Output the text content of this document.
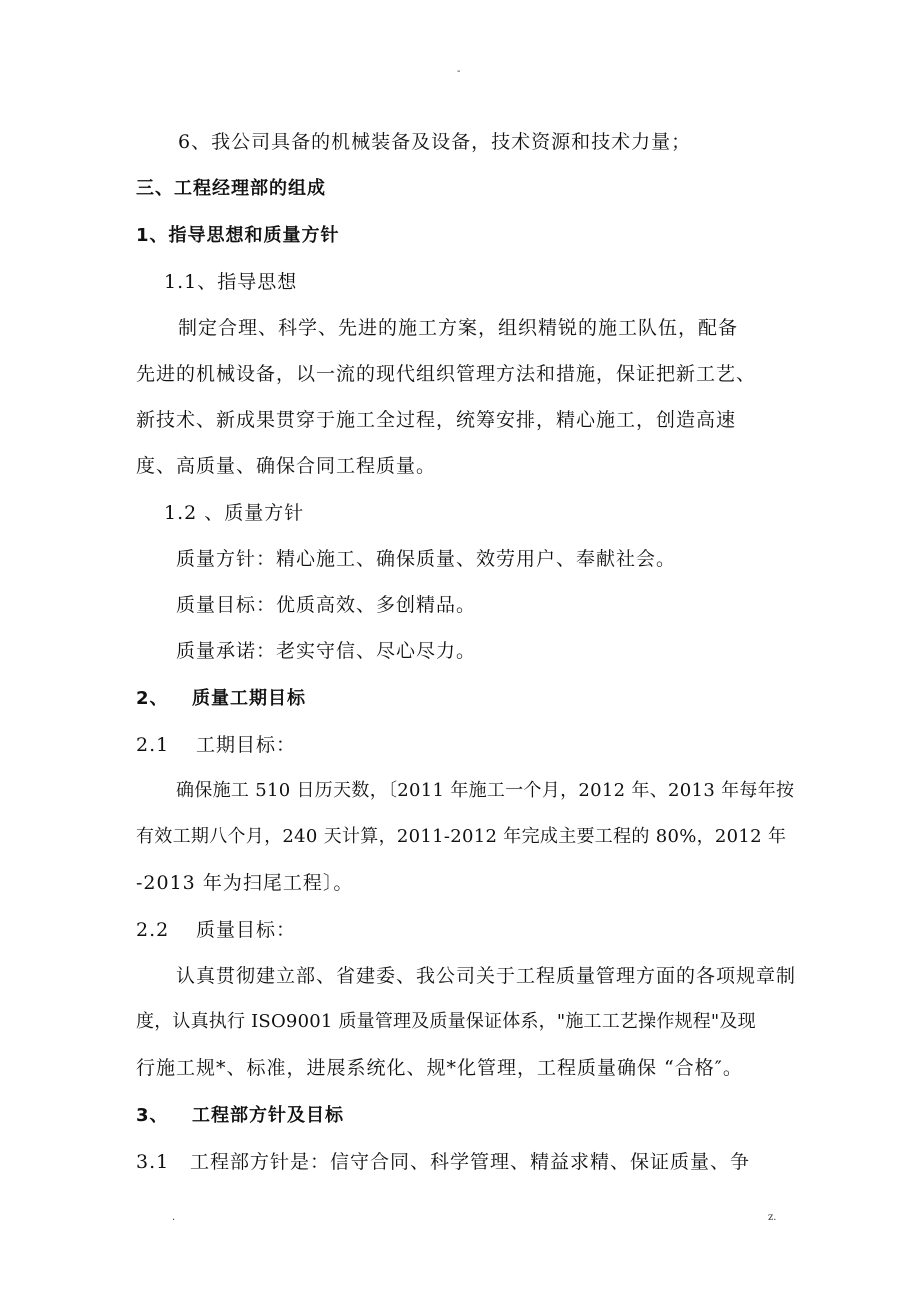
-
6、我公司具备的机械装备及设备，技术资源和技术力量；
三、工程经理部的组成
1、指导思想和质量方针
1.1、指导思想
制定合理、科学、先进的施工方案，组织精锐的施工队伍，配备
先进的机械设备，以一流的现代组织管理方法和措施，保证把新工艺、
新技术、新成果贯穿于施工全过程，统筹安排，精心施工，创造高速
度、高质量、确保合同工程质量。
1.2 、质量方针
质量方针：精心施工、确保质量、效劳用户、奉献社会。
质量目标：优质高效、多创精品。
质量承诺：老实守信、尽心尽力。
2、 质量工期目标
2.1 工期目标：
确保施工 510 日历天数，〔2011 年施工一个月，2012 年、2013 年每年按
有效工期八个月，240 天计算，2011-2012 年完成主要工程的 80%，2012 年
-2013 年为扫尾工程〕。
2.2 质量目标：
认真贯彻建立部、省建委、我公司关于工程质量管理方面的各项规章制
度，认真执行 ISO9001 质量管理及质量保证体系，"施工工艺操作规程"及现
行施工规*、标准，进展系统化、规*化管理，工程质量确保 “合格″。
3、 工程部方针及目标
3.1 工程部方针是：信守合同、科学管理、精益求精、保证质量、争
.	z.
